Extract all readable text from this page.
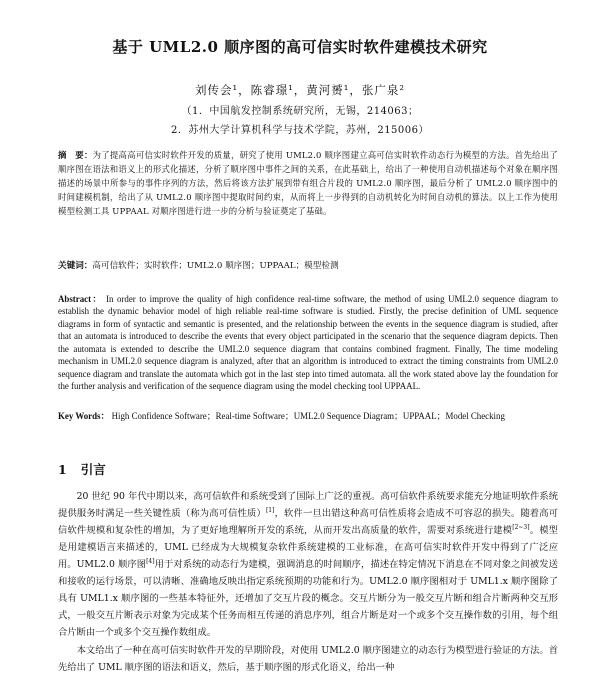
基于 UML2.0 顺序图的高可信实时软件建模技术研究
刘传会¹，陈睿璟¹，黄河赟¹，张广泉²
（1．中国航发控制系统研究所，无锡，214063；
2．苏州大学计算机科学与技术学院，苏州，215006）
摘　要：为了提高高可信实时软件开发的质量，研究了使用 UML2.0 顺序图建立高可信实时软件动态行为模型的方法。首先给出了顺序图在语法和语义上的形式化描述，分析了顺序图中事件之间的关系，在此基础上，给出了一种使用自动机描述每个对象在顺序图描述的场景中所参与的事件序列的方法，然后将该方法扩展到带有组合片段的 UML2.0 顺序图，最后分析了 UML2.0 顺序图中的时间建模机制，给出了从 UML2.0 顺序图中提取时间约束，从而将上一步得到的自动机转化为时间自动机的算法。以上工作为使用模型检测工具 UPPAAL 对顺序图进行进一步的分析与验证奠定了基础。
关键词：高可信软件；实时软件；UML2.0 顺序图；UPPAAL；模型检测
Abstract： In order to improve the quality of high confidence real-time software, the method of using UML2.0 sequence diagram to establish the dynamic behavior model of high reliable real-time software is studied. Firstly, the precise definition of UML sequence diagrams in form of syntactic and semantic is presented, and the relationship between the events in the sequence diagram is studied, after that an automata is introduced to describe the events that every object participated in the scenario that the sequence diagram depicts. Then the automata is extended to describe the UML2.0 sequence diagram that contains combined fragment. Finally, The time modeling mechanism in UML2.0 sequence diagram is analyzed, after that an algorithm is introduced to extract the timing constraints from UML2.0 sequence diagram and translate the automata which got in the last step into timed automata. all the work stated above lay the foundation for the further analysis and verification of the sequence diagram using the model checking tool UPPAAL.
Key Words： High Confidence Software；Real-time Software；UML2.0 Sequence Diagram；UPPAAL；Model Checking
1 引言
20 世纪 90 年代中期以来，高可信软件和系统受到了国际上广泛的重视。高可信软件系统要求能充分地证明软件系统提供服务时满足一些关键性质（称为高可信性质）[1]，软件一旦出错这种高可信性质将会造成不可容忍的损失。随着高可信软件规模和复杂性的增加，为了更好地理解所开发的系统，从而开发出高质量的软件，需要对系统进行建模[2~3]。模型是用建模语言来描述的，UML 已经成为大规模复杂软件系统建模的工业标准，在高可信实时软件开发中得到了广泛应用。 UML2.0 顺序图[4]用于对系统的动态行为建模，强调消息的时间顺序，描述在特定情况下消息在不同对象之间被发送和接收的运行场景，可以清晰、准确地反映出指定系统预期的功能和行为。UML2.0 顺序图相对于 UML1.x 顺序图除了具有 UML1.x 顺序图的一些基本特征外，还增加了交互片段的概念。交互片断分为一般交互片断和组合片断两种交互形式，一般交互片断表示对象为完成某个任务而相互传递的消息序列，组合片断是对一个或多个交互操作数的引用，每个组合片断由一个或多个交互操作数组成。
本文给出了一种在高可信实时软件开发的早期阶段，对使用 UML2.0 顺序图建立的动态行为模型进行验证的方法。首先给出了 UML 顺序图的语法和语义，然后，基于顺序图的形式化语义，给出一种
